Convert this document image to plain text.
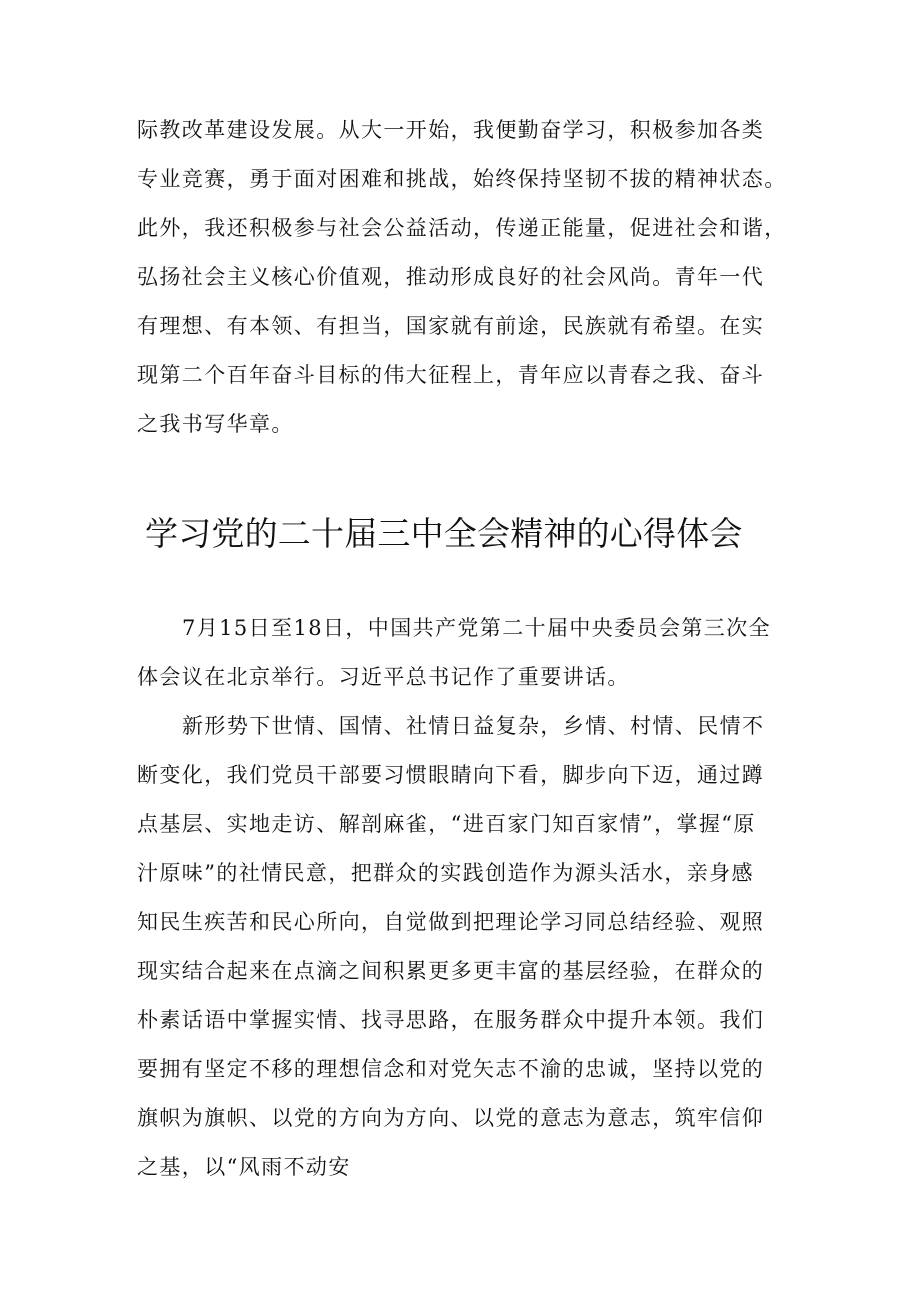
际教改革建设发展。从大一开始，我便勤奋学习，积极参加各类
专业竞赛，勇于面对困难和挑战，始终保持坚韧不拔的精神状态。
此外，我还积极参与社会公益活动，传递正能量，促进社会和谐，
弘扬社会主义核心价值观，推动形成良好的社会风尚。青年一代
有理想、有本领、有担当，国家就有前途，民族就有希望。在实
现第二个百年奋斗目标的伟大征程上，青年应以青春之我、奋斗
之我书写华章。
学习党的二十届三中全会精神的心得体会
7月15日至18日，中国共产党第二十届中央委员会第三次全
体会议在北京举行。习近平总书记作了重要讲话。
新形势下世情、国情、社情日益复杂，乡情、村情、民情不
断变化，我们党员干部要习惯眼睛向下看，脚步向下迈，通过蹲
点基层、实地走访、解剖麻雀，“进百家门知百家情”，掌握“原
汁原味”的社情民意，把群众的实践创造作为源头活水，亲身感
知民生疾苦和民心所向，自觉做到把理论学习同总结经验、观照
现实结合起来在点滴之间积累更多更丰富的基层经验，在群众的
朴素话语中掌握实情、找寻思路，在服务群众中提升本领。我们
要拥有坚定不移的理想信念和对党矢志不渝的忠诚，坚持以党的
旗帜为旗帜、以党的方向为方向、以党的意志为意志，筑牢信仰
之基，以“风雨不动安
